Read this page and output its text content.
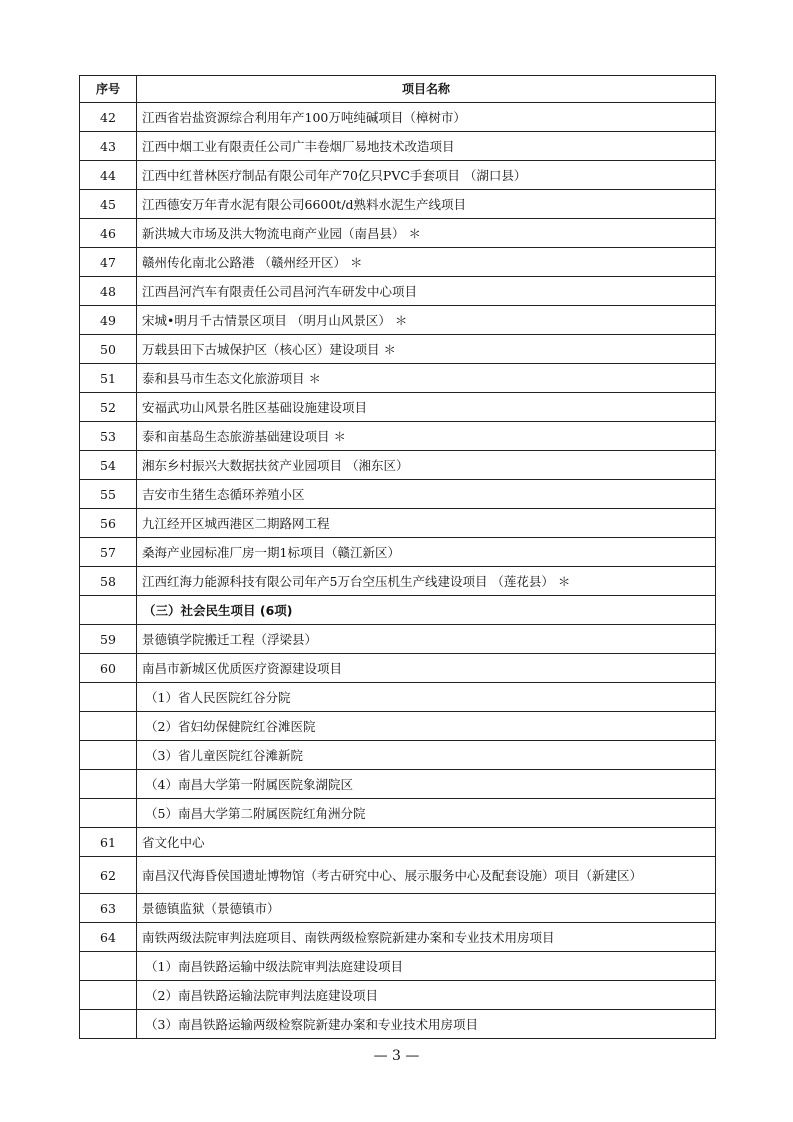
序号	项目名称
42	江西省岩盐资源综合利用年产100万吨纯碱项目（樟树市）
43	江西中烟工业有限责任公司广丰卷烟厂易地技术改造项目
44	江西中红普林医疗制品有限公司年产70亿只PVC手套项目 （湖口县）
45	江西德安万年青水泥有限公司6600t/d熟料水泥生产线项目
46	新洪城大市场及洪大物流电商产业园（南昌县） ＊
47	赣州传化南北公路港 （赣州经开区） ＊
48	江西昌河汽车有限责任公司昌河汽车研发中心项目
49	宋城•明月千古情景区项目 （明月山风景区） ＊
50	万载县田下古城保护区（核心区）建设项目 ＊
51	泰和县马市生态文化旅游项目 ＊
52	安福武功山风景名胜区基础设施建设项目
53	泰和亩基岛生态旅游基础建设项目 ＊
54	湘东乡村振兴大数据扶贫产业园项目 （湘东区）
55	吉安市生猪生态循环养殖小区
56	九江经开区城西港区二期路网工程
57	桑海产业园标准厂房一期1标项目（赣江新区）
58	江西红海力能源科技有限公司年产5万台空压机生产线建设项目 （莲花县） ＊
	（三）社会民生项目 (6项)
59	景德镇学院搬迁工程（浮梁县）
60	南昌市新城区优质医疗资源建设项目
	（1）省人民医院红谷分院
	（2）省妇幼保健院红谷滩医院
	（3）省儿童医院红谷滩新院
	（4）南昌大学第一附属医院象湖院区
	（5）南昌大学第二附属医院红角洲分院
61	省文化中心
62	南昌汉代海昏侯国遗址博物馆（考古研究中心、展示服务中心及配套设施）项目（新建区）
63	景德镇监狱（景德镇市）
64	南铁两级法院审判法庭项目、南铁两级检察院新建办案和专业技术用房项目
	（1）南昌铁路运输中级法院审判法庭建设项目
	（2）南昌铁路运输法院审判法庭建设项目
	（3）南昌铁路运输两级检察院新建办案和专业技术用房项目
— 3 —
